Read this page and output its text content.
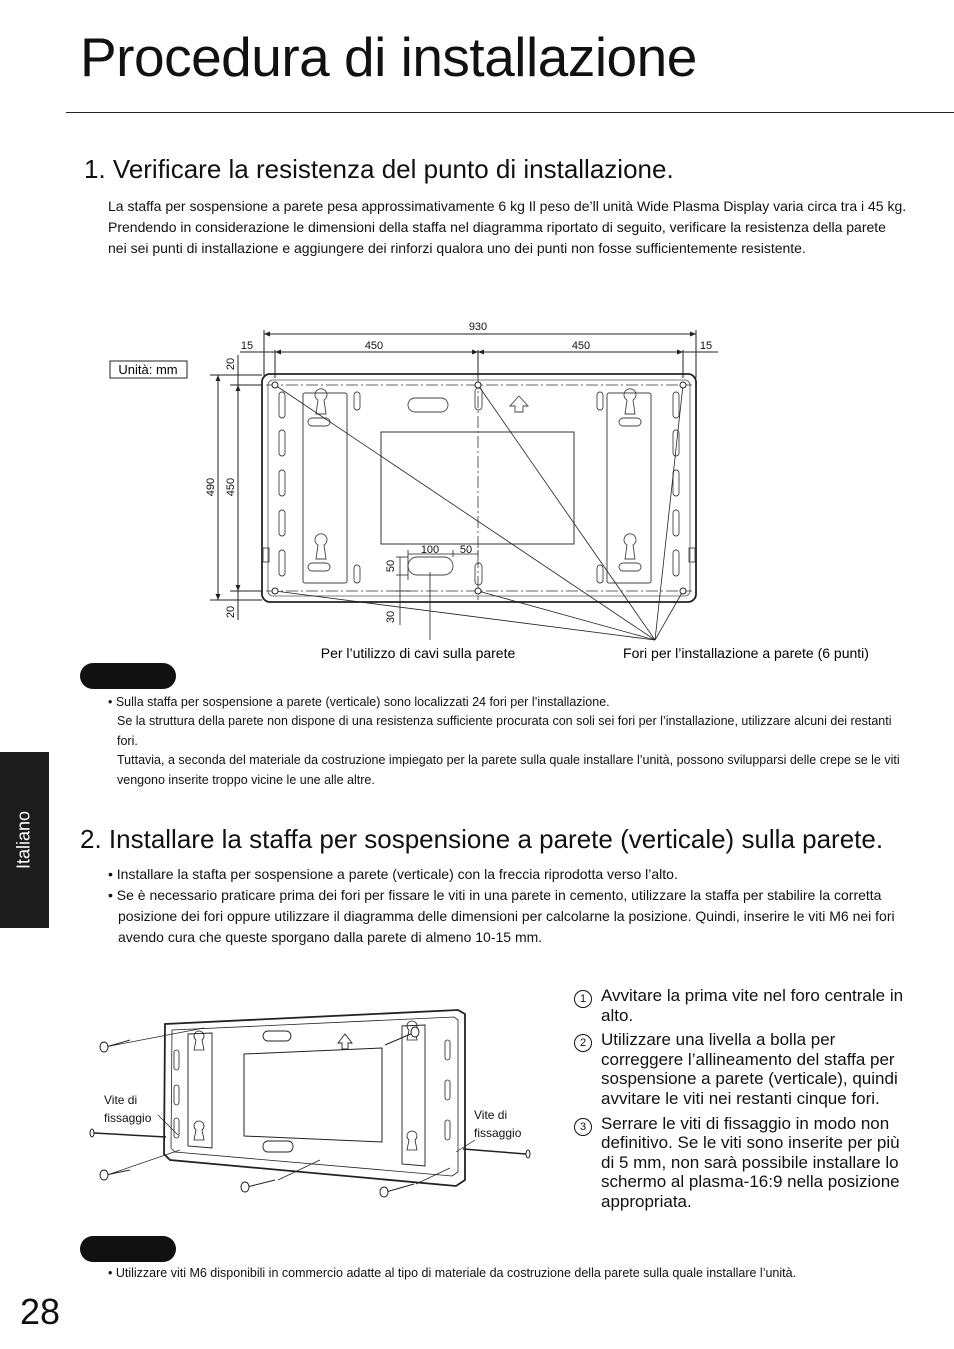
Procedura di installazione
1. Verificare la resistenza del punto di installazione.
La staffa per sospensione a parete pesa approssimativamente 6 kg Il peso de’ll unità Wide Plasma Display varia circa tra i 45 kg. Prendendo in considerazione le dimensioni della staffa nel diagramma riportato di seguito, verificare la resistenza della parete nei sei punti di installazione e aggiungere dei rinforzi qualora uno dei punti non fosse sufficientemente resistente.
930
15	450	450	15
20
490 450
20
100 50
50
30
Unità: mm
Per l’utilizzo di cavi sulla parete	Fori per l’installazione a parete (6 punti)

• Sulla staffa per sospensione a parete (verticale) sono localizzati 24 fori per l’installazione.

Se la struttura della parete non dispone di una resistenza sufficiente procurata con soli sei fori per l’installazione, utilizzare alcuni dei restanti fori.

Tuttavia, a seconda del materiale da costruzione impiegato per la parete sulla quale installare l’unità, possono svilupparsi delle crepe se le viti vengono inserite troppo vicine le une alle altre.

Italiano 2. Installare la staffa per sospensione a parete (verticale) sulla parete.

• Installare la stafta per sospensione a parete (verticale) con la freccia riprodotta verso l’alto.

• Se è necessario praticare prima dei fori per fissare le viti in una parete in cemento, utilizzare la staffa per stabilire la corretta posizione dei fori oppure utilizzare il diagramma delle dimensioni per calcolarne la posizione. Quindi, inserire le viti M6 nei fori avendo cura che queste sporgano dalla parete di almeno 10-15 mm.

Vite di
fissaggio	Vite di
fissaggio
1 Avvitare la prima vite nel foro centrale in alto.
2 Utilizzare una livella a bolla per correggere l’allineamento del staffa per sospensione a parete (verticale), quindi avvitare le viti nei restanti cinque fori.
3 Serrare le viti di fissaggio in modo non definitivo. Se le viti sono inserite per più di 5 mm, non sarà possibile installare lo schermo al plasma-16:9 nella posizione appropriata.
• Utilizzare viti M6 disponibili in commercio adatte al tipo di materiale da costruzione della parete sulla quale installare l’unità.
28
